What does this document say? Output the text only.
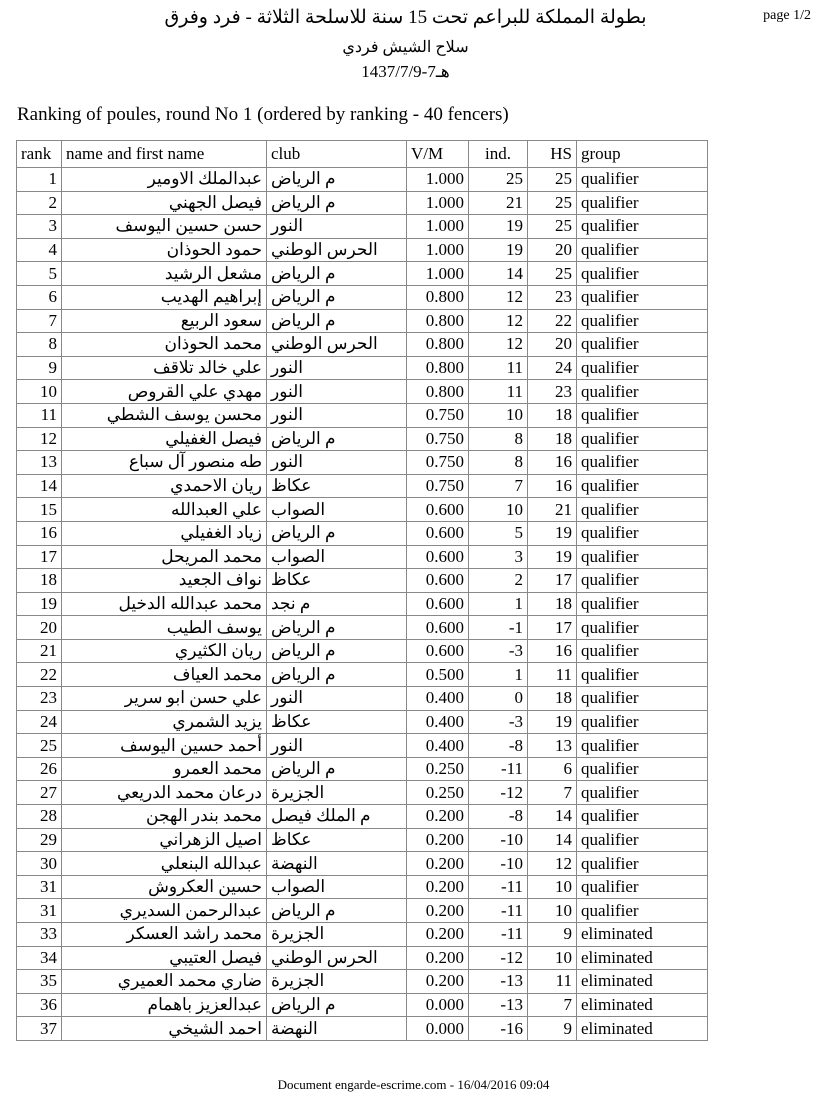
بطولة المملكة للبراعم تحت 15 سنة للاسلحة الثلاثة - فرد وفرق
سلاح الشيش فردي
1437/7/9-7هـ
page 1/2
Ranking of poules, round No 1 (ordered by ranking - 40 fencers)
rank	name and first name	club	V/M	ind.	HS	group
1	عبدالملك الاومير	م الرياض	1.000	25	25	qualifier
2	فيصل الجهني	م الرياض	1.000	21	25	qualifier
3	حسن حسين اليوسف	النور	1.000	19	25	qualifier
4	حمود الحوذان	الحرس الوطني	1.000	19	20	qualifier
5	مشعل الرشيد	م الرياض	1.000	14	25	qualifier
6	إبراهيم الهديب	م الرياض	0.800	12	23	qualifier
7	سعود الربيع	م الرياض	0.800	12	22	qualifier
8	محمد الحوذان	الحرس الوطني	0.800	12	20	qualifier
9	علي خالد تلاقف	النور	0.800	11	24	qualifier
10	مهدي علي القروص	النور	0.800	11	23	qualifier
11	محسن يوسف الشطي	النور	0.750	10	18	qualifier
12	فيصل الغفيلي	م الرياض	0.750	8	18	qualifier
13	طه منصور آل سباع	النور	0.750	8	16	qualifier
14	ريان الاحمدي	عكاظ	0.750	7	16	qualifier
15	علي العبدالله	الصواب	0.600	10	21	qualifier
16	زياد الغفيلي	م الرياض	0.600	5	19	qualifier
17	محمد المريحل	الصواب	0.600	3	19	qualifier
18	نواف الجعيد	عكاظ	0.600	2	17	qualifier
19	محمد عبدالله الدخيل	م نجد	0.600	1	18	qualifier
20	يوسف الطيب	م الرياض	0.600	-1	17	qualifier
21	ريان الكثيري	م الرياض	0.600	-3	16	qualifier
22	محمد العياف	م الرياض	0.500	1	11	qualifier
23	علي حسن ابو سرير	النور	0.400	0	18	qualifier
24	يزيد الشمري	عكاظ	0.400	-3	19	qualifier
25	أحمد حسين اليوسف	النور	0.400	-8	13	qualifier
26	محمد العمرو	م الرياض	0.250	-11	6	qualifier
27	درعان محمد الدريعي	الجزيرة	0.250	-12	7	qualifier
28	محمد بندر الهجن	م الملك فيصل	0.200	-8	14	qualifier
29	اصيل الزهراني	عكاظ	0.200	-10	14	qualifier
30	عبدالله البنعلي	النهضة	0.200	-10	12	qualifier
31	حسين العكروش	الصواب	0.200	-11	10	qualifier
31	عبدالرحمن السديري	م الرياض	0.200	-11	10	qualifier
33	محمد راشد العسكر	الجزيرة	0.200	-11	9	eliminated
34	فيصل العتيبي	الحرس الوطني	0.200	-12	10	eliminated
35	ضاري محمد العميري	الجزيرة	0.200	-13	11	eliminated
36	عبدالعزيز باهمام	م الرياض	0.000	-13	7	eliminated
37	احمد الشيخي	النهضة	0.000	-16	9	eliminated
Document engarde-escrime.com - 16/04/2016 09:04
